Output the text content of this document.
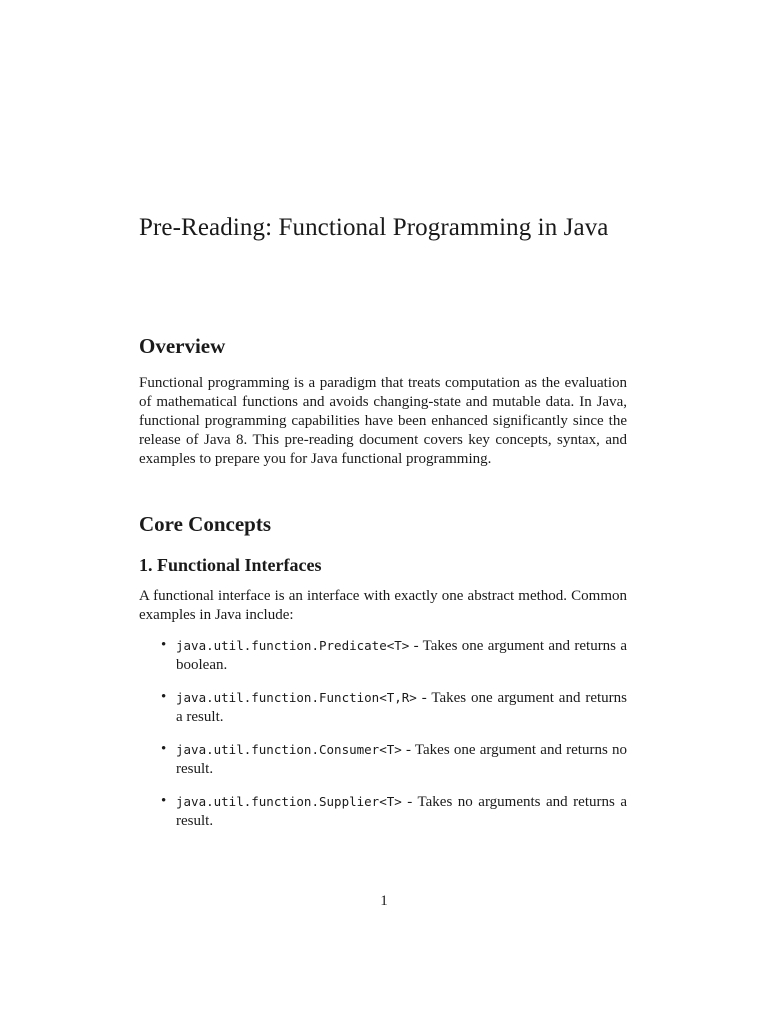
Pre-Reading: Functional Programming in Java
Overview

Functional programming is a paradigm that treats computation as the evaluation of mathematical functions and avoids changing-state and mutable data. In Java, functional programming capabilities have been enhanced significantly since the release of Java 8. This pre-reading document covers key concepts, syntax, and examples to prepare you for Java functional programming.

Core Concepts
1. Functional Interfaces

A functional interface is an interface with exactly one abstract method. Common examples in Java include:

• java.util.function.Predicate<T> - Takes one argument and returns a boolean.
• java.util.function.Function<T,R> - Takes one argument and returns a result.
• java.util.function.Consumer<T> - Takes one argument and returns no result.
• java.util.function.Supplier<T> - Takes no arguments and returns a result.
1
